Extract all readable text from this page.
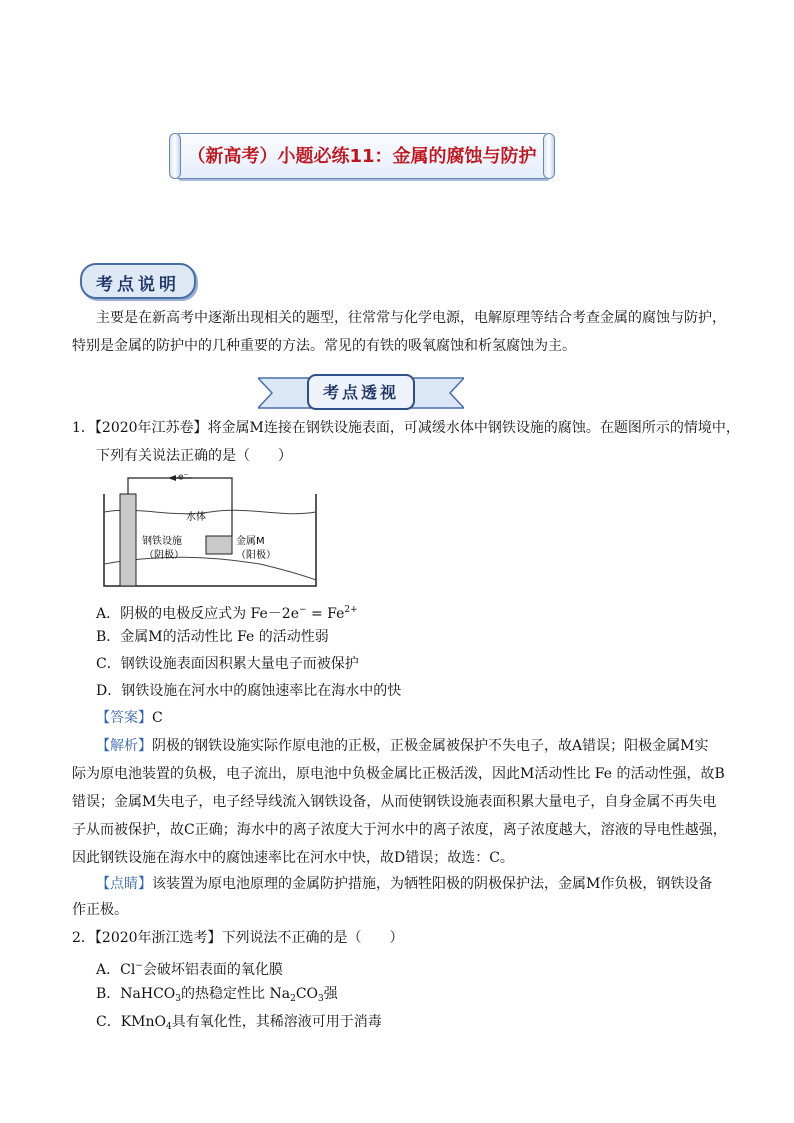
（新高考）小题必练11：金属的腐蚀与防护
考点说明
主要是在新高考中逐渐出现相关的题型，往常常与化学电源，电解原理等结合考查金属的腐蚀与防护，
特别是金属的防护中的几种重要的方法。常见的有铁的吸氧腐蚀和析氢腐蚀为主。
考点透视
1．【2020年江苏卷】将金属M连接在钢铁设施表面，可减缓水体中钢铁设施的腐蚀。在题图所示的情境中，
下列有关说法正确的是（　　）
e⁻
水体
钢铁设施
（阴极）
金属M
（阳极）
A．阴极的电极反应式为 $Fe-2e^- = Fe^{2+}$
B．金属M的活动性比 Fe 的活动性弱
C．钢铁设施表面因积累大量电子而被保护
D．钢铁设施在河水中的腐蚀速率比在海水中的快
【答案】C
【解析】阴极的钢铁设施实际作原电池的正极，正极金属被保护不失电子，故A错误；阳极金属M实
际为原电池装置的负极，电子流出，原电池中负极金属比正极活泼，因此M活动性比 Fe 的活动性强，故B
错误；金属M失电子，电子经导线流入钢铁设备，从而使钢铁设施表面积累大量电子，自身金属不再失电
子从而被保护，故C正确；海水中的离子浓度大于河水中的离子浓度，离子浓度越大，溶液的导电性越强，
因此钢铁设施在海水中的腐蚀速率比在河水中快，故D错误；故选：C。
【点睛】该装置为原电池原理的金属防护措施，为牺牲阳极的阴极保护法，金属M作负极，钢铁设备
作正极。
2．【2020年浙江选考】下列说法不正确的是（　　）
A．Cl−会破坏铝表面的氧化膜
B．NaHCO$_3$的热稳定性比 $Na_2CO_3$强
C．KMnO$_4$具有氧化性，其稀溶液可用于消毒
